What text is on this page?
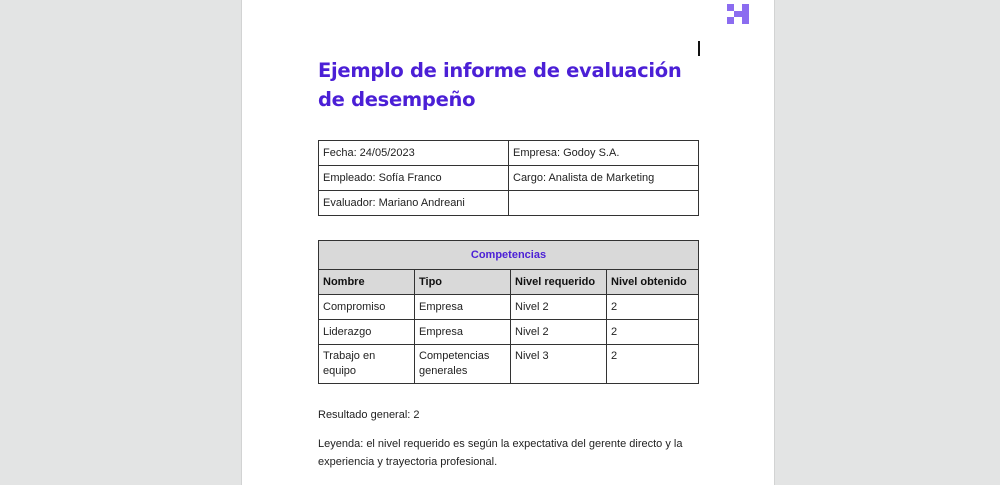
Ejemplo de informe de evaluación de desempeño
Fecha: 24/05/2023	Empresa: Godoy S.A.
Empleado: Sofía Franco	Cargo: Analista de Marketing
Evaluador: Mariano Andreani	
Competencias			
Nombre	Tipo	Nivel requerido	Nivel obtenido
Compromiso	Empresa	Nivel 2	2
Liderazgo	Empresa	Nivel 2	2
Trabajo en equipo	Competencias generales	Nivel 3	2
Resultado general: 2
Leyenda: el nivel requerido es según la expectativa del gerente directo y la experiencia y trayectoria profesional.
